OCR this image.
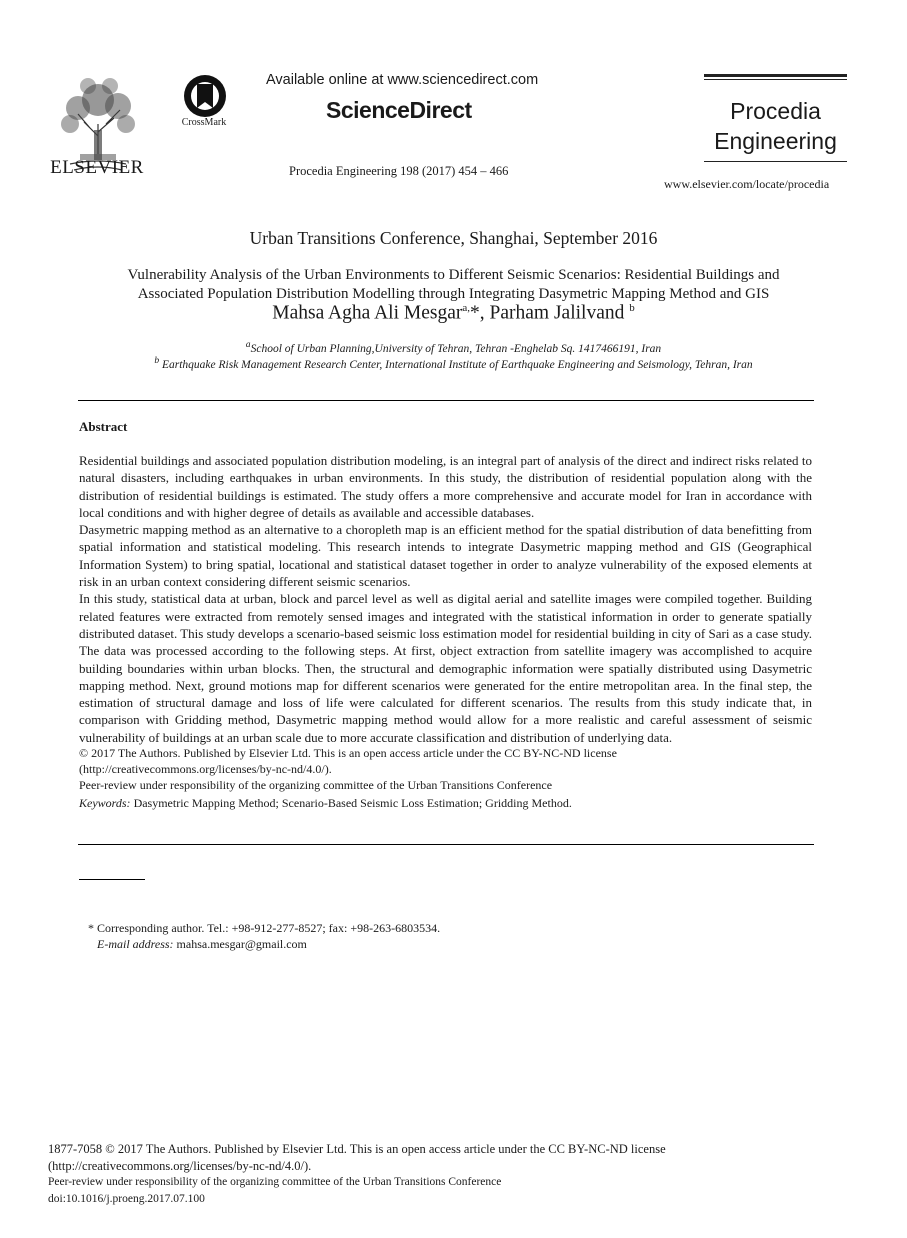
ELSEVIER
CrossMark
Available online at www.sciencedirect.com
ScienceDirect
Procedia Engineering 198 (2017) 454 – 466
Procedia
Engineering
www.elsevier.com/locate/procedia
Urban Transitions Conference, Shanghai, September 2016
Vulnerability Analysis of the Urban Environments to Different Seismic Scenarios: Residential Buildings and
Associated Population Distribution Modelling through Integrating Dasymetric Mapping Method and GIS
Mahsa Agha Ali Mesgar$^{a,}$*, Parham Jalilvand $^b$
$^a$School of Urban Planning,University of Tehran, Tehran -Enghelab Sq. 1417466191, Iran
$^b$ Earthquake Risk Management Research Center, International Institute of Earthquake Engineering and Seismology, Tehran, Iran
Abstract

Residential buildings and associated population distribution modeling, is an integral part of analysis of the direct and indirect risks related to natural disasters, including earthquakes in urban environments. In this study, the distribution of residential population along with the distribution of residential buildings is estimated. The study offers a more comprehensive and accurate model for Iran in accordance with local conditions and with higher degree of details as available and accessible databases.

Dasymetric mapping method as an alternative to a choropleth map is an efficient method for the spatial distribution of data benefitting from spatial information and statistical modeling. This research intends to integrate Dasymetric mapping method and GIS (Geographical Information System) to bring spatial, locational and statistical dataset together in order to analyze vulnerability of the exposed elements at risk in an urban context considering different seismic scenarios.

In this study, statistical data at urban, block and parcel level as well as digital aerial and satellite images were compiled together. Building related features were extracted from remotely sensed images and integrated with the statistical information in order to generate spatially distributed dataset. This study develops a scenario-based seismic loss estimation model for residential building in city of Sari as a case study. The data was processed according to the following steps. At first, object extraction from satellite imagery was accomplished to acquire building boundaries within urban blocks. Then, the structural and demographic information were spatially distributed using Dasymetric mapping method. Next, ground motions map for different scenarios were generated for the entire metropolitan area. In the final step, the estimation of structural damage and loss of life were calculated for different scenarios. The results from this study indicate that, in comparison with Gridding method, Dasymetric mapping method would allow for a more realistic and careful assessment of seismic vulnerability of buildings at an urban scale due to more accurate classification and distribution of underlying data.

© 2017 The Authors. Published by Elsevier Ltd. This is an open access article under the CC BY-NC-ND license
(http://creativecommons.org/licenses/by-nc-nd/4.0/).
Peer-review under responsibility of the organizing committee of the Urban Transitions Conference
Keywords: Dasymetric Mapping Method; Scenario-Based Seismic Loss Estimation; Gridding Method.
* Corresponding author. Tel.: +98-912-277-8527; fax: +98-263-6803534.
E-mail address: mahsa.mesgar@gmail.com
1877-7058 © 2017 The Authors. Published by Elsevier Ltd. This is an open access article under the CC BY-NC-ND license
(http://creativecommons.org/licenses/by-nc-nd/4.0/).
Peer-review under responsibility of the organizing committee of the Urban Transitions Conference
doi:10.1016/j.proeng.2017.07.100
